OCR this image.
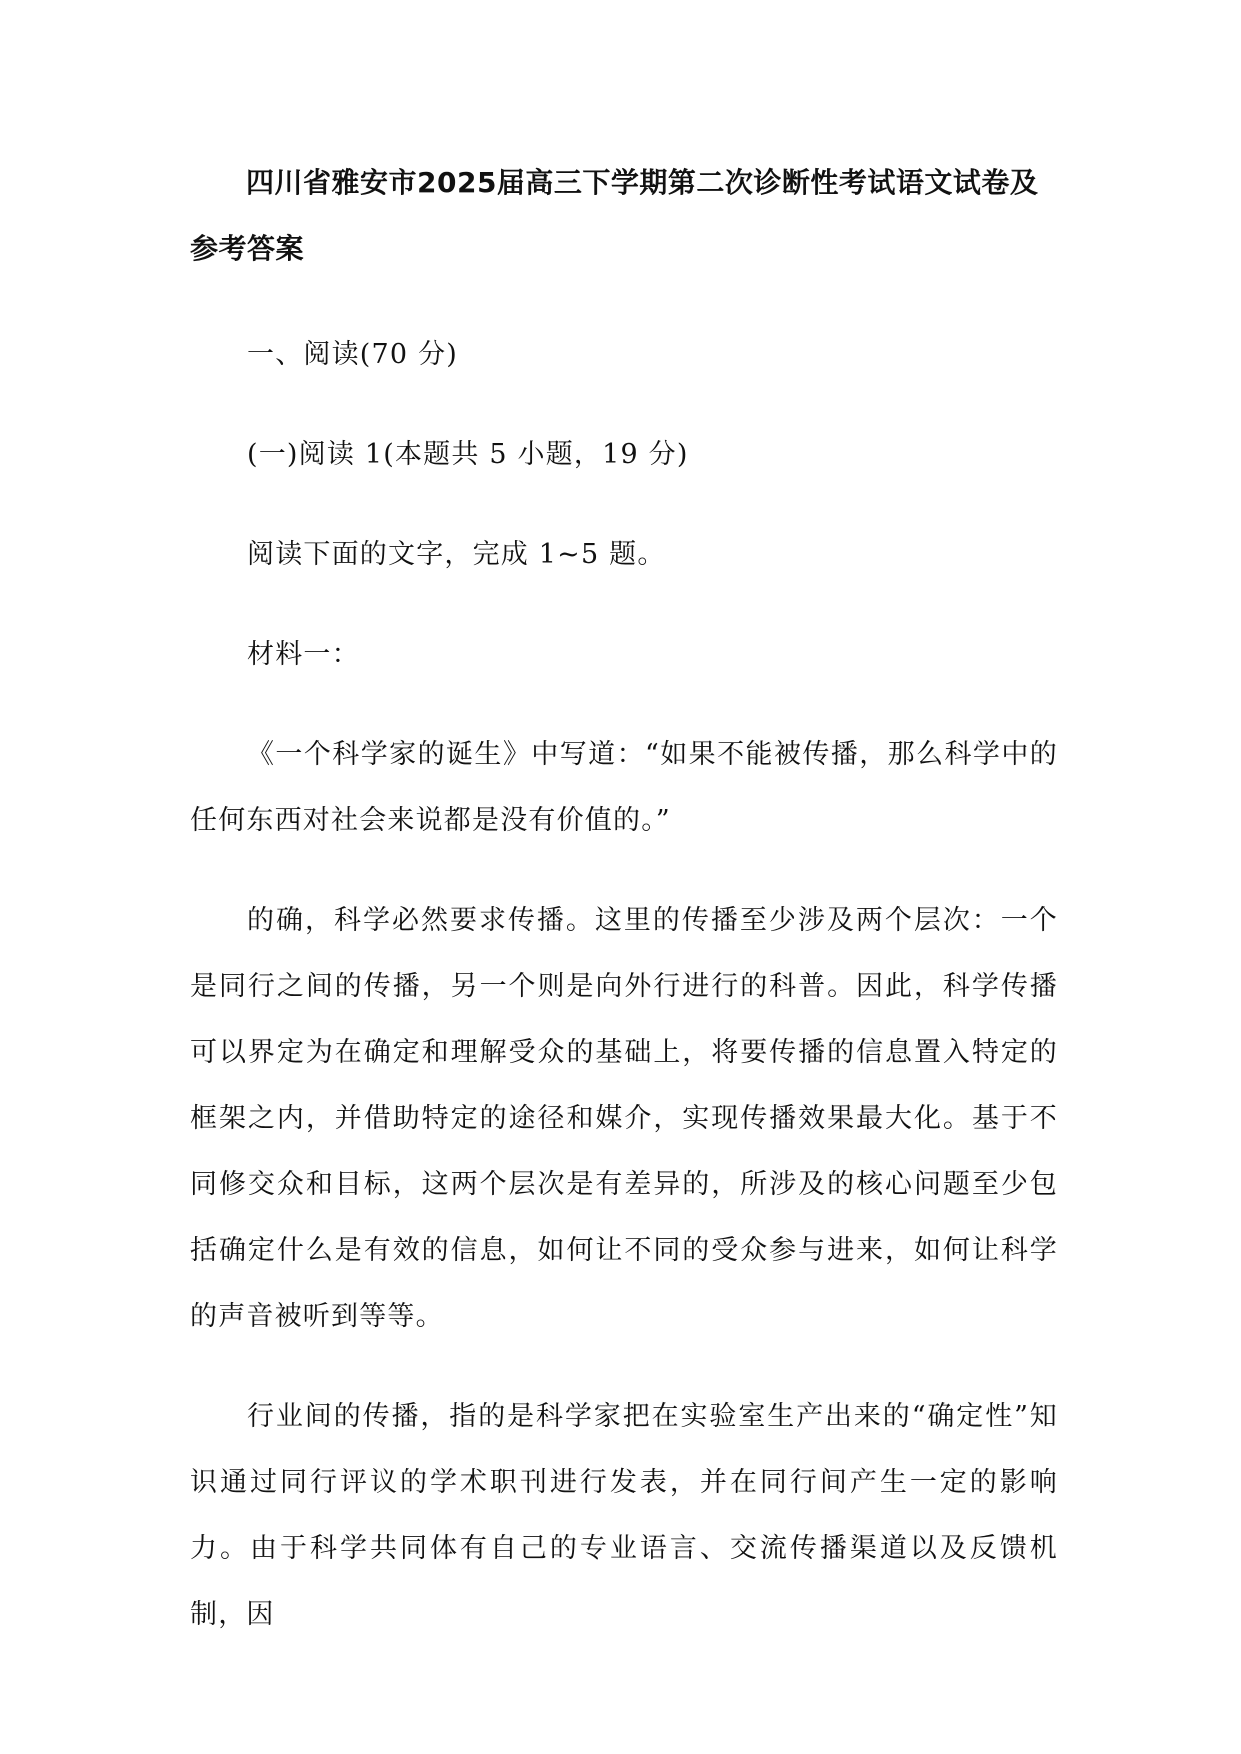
四川省雅安市2025届高三下学期第二次诊断性考试语文试卷及参考答案

一、阅读(70 分)

(一)阅读 1(本题共 5 小题，19 分)

阅读下面的文字，完成 1~5 题。

材料一：

《一个科学家的诞生》中写道：“如果不能被传播，那么科学中的任何东西对社会来说都是没有价值的。”

的确，科学必然要求传播。这里的传播至少涉及两个层次：一个是同行之间的传播，另一个则是向外行进行的科普。因此，科学传播可以界定为在确定和理解受众的基础上，将要传播的信息置入特定的框架之内，并借助特定的途径和媒介，实现传播效果最大化。基于不同修交众和目标，这两个层次是有差异的，所涉及的核心问题至少包括确定什么是有效的信息，如何让不同的受众参与进来，如何让科学的声音被听到等等。

行业间的传播，指的是科学家把在实验室生产出来的“确定性”知识通过同行评议的学术职刊进行发表，并在同行间产生一定的影响力。由于科学共同体有自己的专业语言、交流传播渠道以及反馈机制，因
